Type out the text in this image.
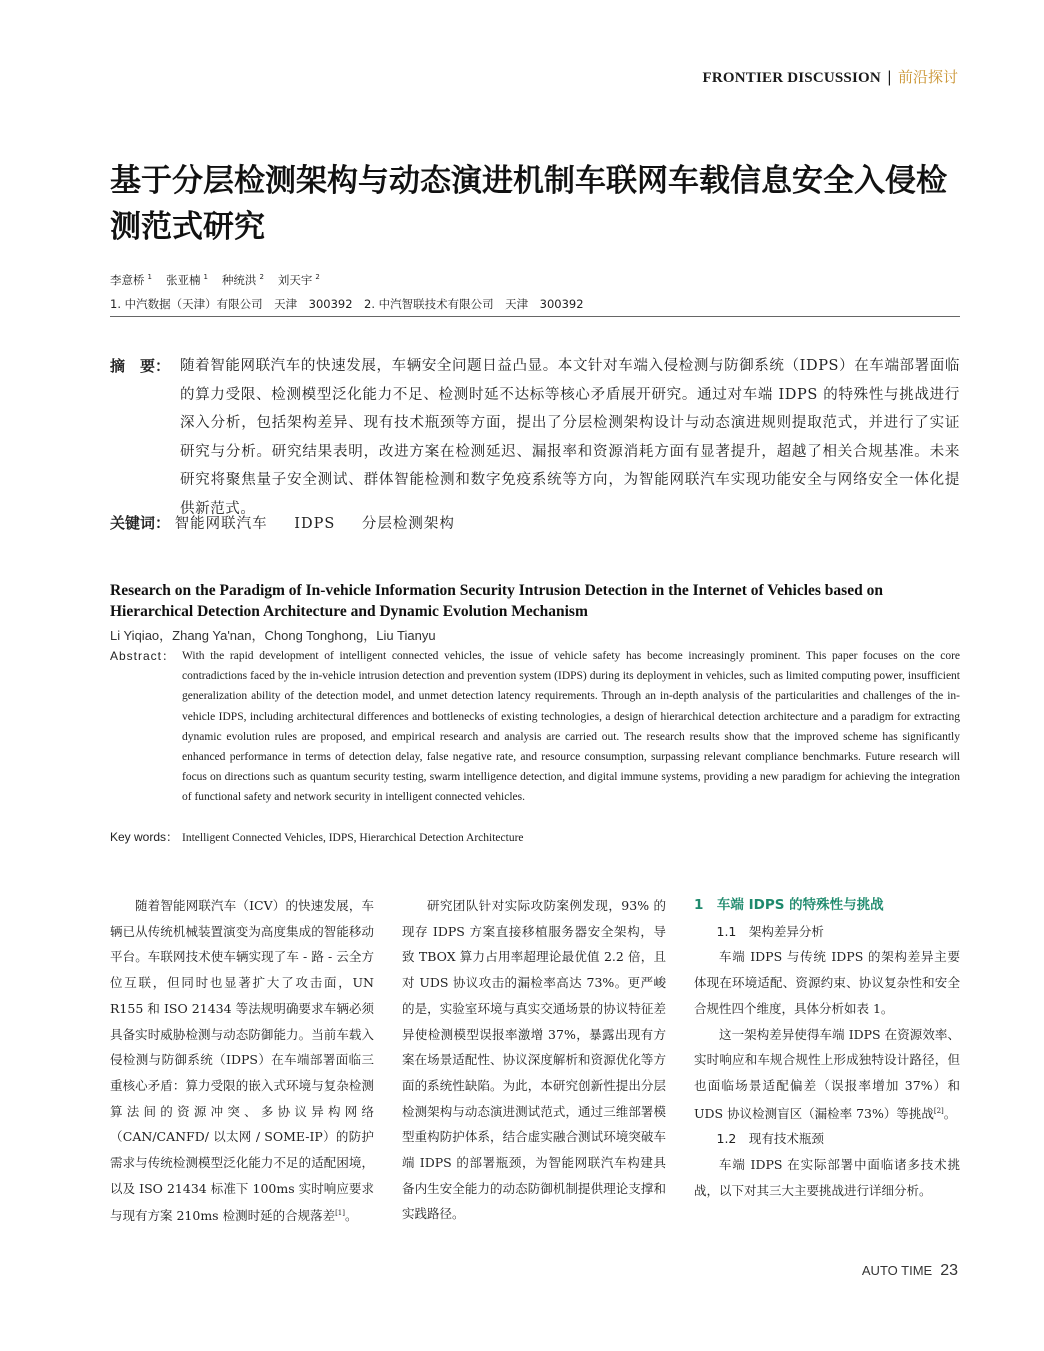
FRONTIER DISCUSSION | 前沿探讨
基于分层检测架构与动态演进机制车联网车载信息安全入侵检测范式研究
李意桥 $^1$ 张亚楠 $^1$ 种统洪 $^2$ 刘天宇 $^2$
1. 中汽数据（天津）有限公司　天津　300392　2. 中汽智联技术有限公司　天津　300392
摘　要： 随着智能网联汽车的快速发展，车辆安全问题日益凸显。本文针对车端入侵检测与防御系统（IDPS）在车端部署面临的算力受限、检测模型泛化能力不足、检测时延不达标等核心矛盾展开研究。通过对车端 IDPS 的特殊性与挑战进行深入分析，包括架构差异、现有技术瓶颈等方面，提出了分层检测架构设计与动态演进规则提取范式，并进行了实证研究与分析。研究结果表明，改进方案在检测延迟、漏报率和资源消耗方面有显著提升，超越了相关合规基准。未来研究将聚焦量子安全测试、群体智能检测和数字免疫系统等方向，为智能网联汽车实现功能安全与网络安全一体化提供新范式。
关键词： 智能网联汽车 IDPS 分层检测架构
Research on the Paradigm of In-vehicle Information Security Intrusion Detection in the Internet of Vehicles based on Hierarchical Detection Architecture and Dynamic Evolution Mechanism
Li Yiqiao，Zhang Ya'nan，Chong Tonghong，Liu Tianyu
Abstract： With the rapid development of intelligent connected vehicles, the issue of vehicle safety has become increasingly prominent. This paper focuses on the core contradictions faced by the in-vehicle intrusion detection and prevention system (IDPS) during its deployment in vehicles, such as limited computing power, insufficient generalization ability of the detection model, and unmet detection latency requirements. Through an in-depth analysis of the particularities and challenges of the in-vehicle IDPS, including architectural differences and bottlenecks of existing technologies, a design of hierarchical detection architecture and a paradigm for extracting dynamic evolution rules are proposed, and empirical research and analysis are carried out. The research results show that the improved scheme has significantly enhanced performance in terms of detection delay, false negative rate, and resource consumption, surpassing relevant compliance benchmarks. Future research will focus on directions such as quantum security testing, swarm intelligence detection, and digital immune systems, providing a new paradigm for achieving the integration of functional safety and network security in intelligent connected vehicles.
Key words： Intelligent Connected Vehicles, IDPS, Hierarchical Detection Architecture

随着智能网联汽车（ICV）的快速发展，车辆已从传统机械装置演变为高度集成的智能移动平台。车联网技术使车辆实现了车 - 路 - 云全方位互联，但同时也显著扩大了攻击面，UN R155 和 ISO 21434 等法规明确要求车辆必须具备实时威胁检测与动态防御能力。当前车载入侵检测与防御系统（IDPS）在车端部署面临三重核心矛盾：算力受限的嵌入式环境与复杂检测算法间的资源冲突、多协议异构网络（CAN/CANFD/ 以太网 / SOME-IP）的防护需求与传统检测模型泛化能力不足的适配困境，以及 ISO 21434 标准下 100ms 实时响应要求与现有方案 210ms 检测时延的合规落差[1]。

研究团队针对实际攻防案例发现，93% 的现存 IDPS 方案直接移植服务器安全架构，导致 TBOX 算力占用率超理论最优值 2.2 倍，且对 UDS 协议攻击的漏检率高达 73%。更严峻的是，实验室环境与真实交通场景的协议特征差异使检测模型误报率激增 37%，暴露出现有方案在场景适配性、协议深度解析和资源优化等方面的系统性缺陷。为此，本研究创新性提出分层检测架构与动态演进测试范式，通过三维部署模型重构防护体系，结合虚实融合测试环境突破车端 IDPS 的部署瓶颈，为智能网联汽车构建具备内生安全能力的动态防御机制提供理论支撑和实践路径。

1　车端 IDPS 的特殊性与挑战

1.1　架构差异分析

车端 IDPS 与传统 IDPS 的架构差异主要体现在环境适配、资源约束、协议复杂性和安全合规性四个维度，具体分析如表 1。

这一架构差异使得车端 IDPS 在资源效率、实时响应和车规合规性上形成独特设计路径，但也面临场景适配偏差（误报率增加 37%）和 UDS 协议检测盲区（漏检率 73%）等挑战[2]。

1.2　现有技术瓶颈

车端 IDPS 在实际部署中面临诸多技术挑战，以下对其三大主要挑战进行详细分析。

AUTO TIME 23
